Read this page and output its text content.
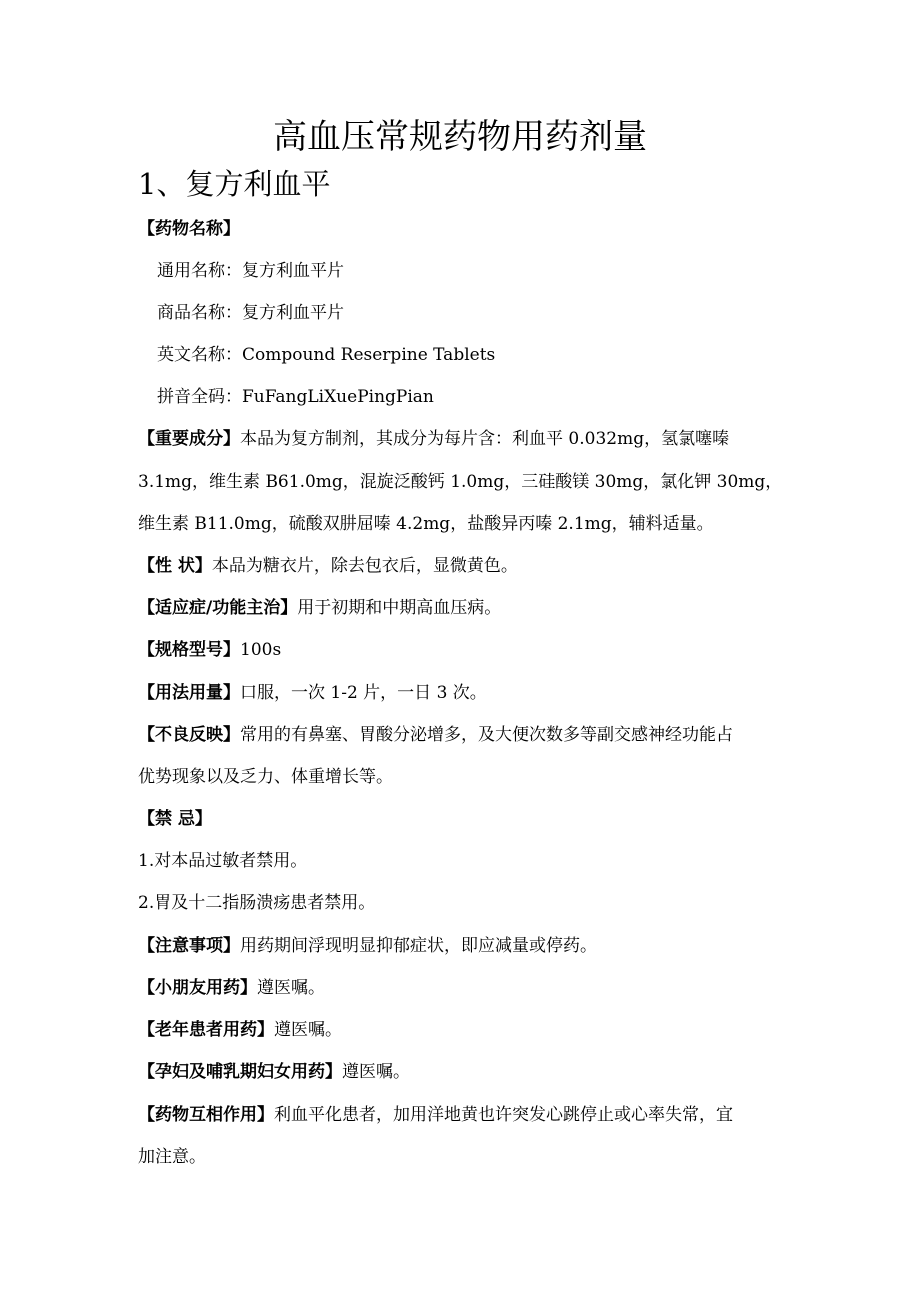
高血压常规药物用药剂量
1、复方利血平
【药物名称】
通用名称：复方利血平片
商品名称：复方利血平片
英文名称：Compound Reserpine Tablets
拼音全码：FuFangLiXuePingPian
【重要成分】本品为复方制剂，其成分为每片含：利血平 0.032mg，氢氯噻嗪
3.1mg，维生素 B61.0mg，混旋泛酸钙 1.0mg，三硅酸镁 30mg，氯化钾 30mg，
维生素 B11.0mg，硫酸双肼屈嗪 4.2mg，盐酸异丙嗪 2.1mg，辅料适量。
【性 状】本品为糖衣片，除去包衣后，显微黄色。
【适应症/功能主治】用于初期和中期高血压病。
【规格型号】100s
【用法用量】口服，一次 1-2 片，一日 3 次。
【不良反映】常用的有鼻塞、胃酸分泌增多，及大便次数多等副交感神经功能占
优势现象以及乏力、体重增长等。
【禁 忌】
1.对本品过敏者禁用。
2.胃及十二指肠溃疡患者禁用。
【注意事项】用药期间浮现明显抑郁症状，即应减量或停药。
【小朋友用药】遵医嘱。
【老年患者用药】遵医嘱。
【孕妇及哺乳期妇女用药】遵医嘱。
【药物互相作用】利血平化患者，加用洋地黄也许突发心跳停止或心率失常，宜
加注意。
